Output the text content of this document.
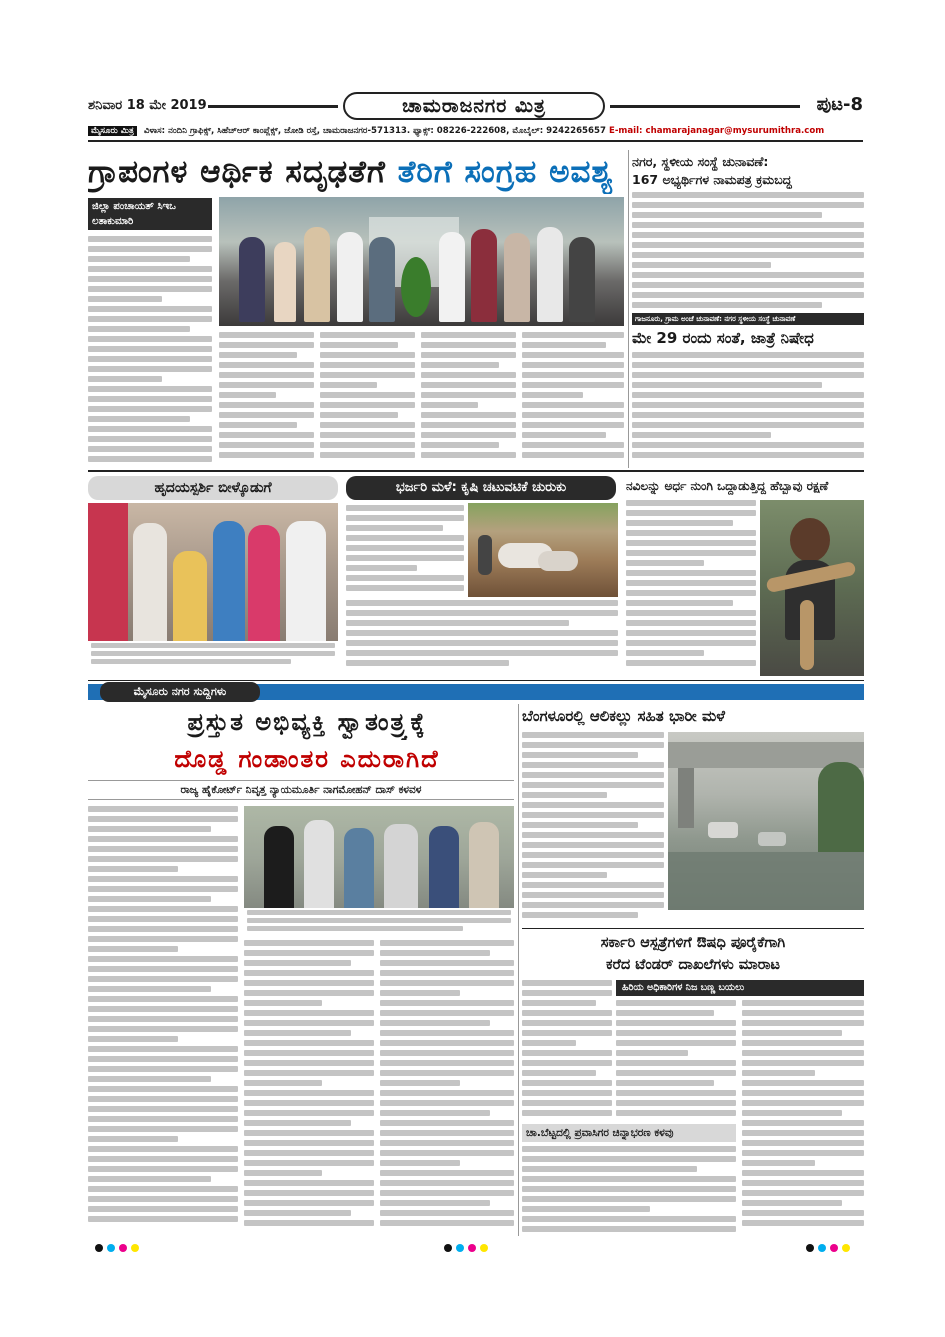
ಶನಿವಾರ 18 ಮೇ 2019	ಚಾಮರಾಜನಗರ ಮಿತ್ರ	ಪುಟ-8
ಮೈಸೂರು ಮಿತ್ರ ವಿಳಾಸ: ನಂದಿನಿ ಗ್ರಾಫಿಕ್ಸ್, ಸಿಹೆಚ್‌ಆರ್ ಕಾಂಪ್ಲೆಕ್ಸ್, ಜೋಡಿ ರಸ್ತೆ, ಚಾಮರಾಜನಗರ-571313. ಫ್ಯಾಕ್ಸ್: 08226-222608, ಮೊಬೈಲ್: 9242265657 E-mail: chamarajanagar@mysurumithra.com
ಗ್ರಾಪಂಗಳ ಆರ್ಥಿಕ ಸದೃಢತೆಗೆ ತೆರಿಗೆ ಸಂಗ್ರಹ ಅವಶ್ಯ
ಜಿಲ್ಲಾ ಪಂಚಾಯತ್ ಸಿಇಒ ಲತಾಕುಮಾರಿ
ನಗರ, ಸ್ಥಳೀಯ ಸಂಸ್ಥೆ ಚುನಾವಣೆ:
167 ಅಭ್ಯರ್ಥಿಗಳ ನಾಮಪತ್ರ ಕ್ರಮಬದ್ಧ
ಗಾಜನೂರು, ಗ್ರಾಮ ಅಂಚೆ ಚುನಾವಣೆ: ನಗರ ಸ್ಥಳೀಯ ಸಂಸ್ಥೆ ಚುನಾವಣೆ
ಮೇ 29 ರಂದು ಸಂತೆ, ಜಾತ್ರೆ ನಿಷೇಧ
ಹೃದಯಸ್ಪರ್ಶಿ ಬೀಳ್ಕೊಡುಗೆ	ಭರ್ಜರಿ ಮಳೆ: ಕೃಷಿ ಚಟುವಟಿಕೆ ಚುರುಕು	ನವಿಲನ್ನು ಅರ್ಧ ನುಂಗಿ ಒದ್ದಾಡುತ್ತಿದ್ದ ಹೆಬ್ಬಾವು ರಕ್ಷಣೆ
ಮೈಸೂರು ನಗರ ಸುದ್ದಿಗಳು
ಪ್ರಸ್ತುತ ಅಭಿವ್ಯಕ್ತಿ ಸ್ವಾತಂತ್ರ್ಯಕ್ಕೆ
ದೊಡ್ಡ ಗಂಡಾಂತರ ಎದುರಾಗಿದೆ
ರಾಜ್ಯ ಹೈಕೋರ್ಟ್ ನಿವೃತ್ತ ನ್ಯಾಯಮೂರ್ತಿ ನಾಗಮೋಹನ್ ದಾಸ್ ಕಳವಳ
ಬೆಂಗಳೂರಲ್ಲಿ ಆಲಿಕಲ್ಲು ಸಹಿತ ಭಾರೀ ಮಳೆ
ಸರ್ಕಾರಿ ಆಸ್ಪತ್ರೆಗಳಿಗೆ ಔಷಧಿ ಪೂರೈಕೆಗಾಗಿ
ಕರೆದ ಟೆಂಡರ್ ದಾಖಲೆಗಳು ಮಾರಾಟ
ಹಿರಿಯ ಅಧಿಕಾರಿಗಳ ನಿಜ ಬಣ್ಣ ಬಯಲು
ಚಾ.ಬೆಟ್ಟದಲ್ಲಿ ಪ್ರವಾಸಿಗರ ಚಿನ್ನಾಭರಣ ಕಳವು
